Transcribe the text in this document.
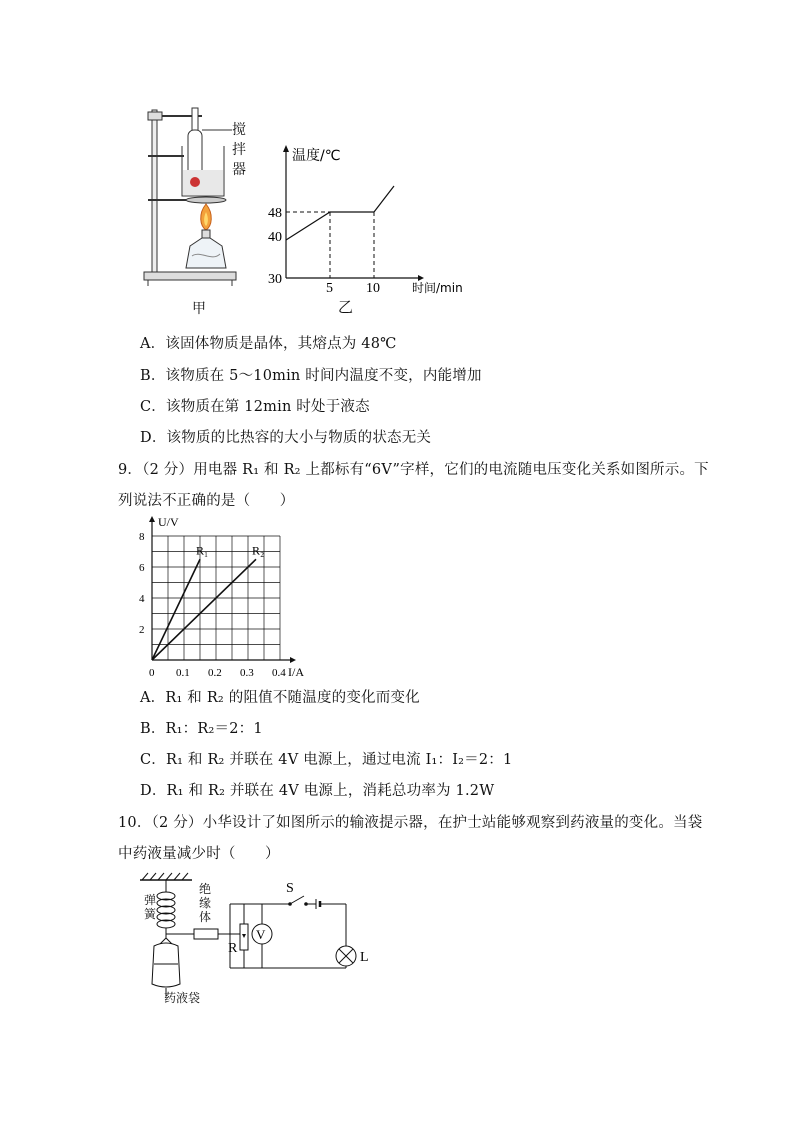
搅
拌
器
甲
温度/℃
时间/min
30
40
48
5 10
乙
A．该固体物质是晶体，其熔点为 48℃
B．该物质在 5～10min 时间内温度不变，内能增加
C．该物质在第 12min 时处于液态
D．该物质的比热容的大小与物质的状态无关
9．（2 分）用电器 R₁ 和 R₂ 上都标有“6V”字样，它们的电流随电压变化关系如图所示。下
列说法不正确的是（　　）
0 0.1 0.2 0.3 0.4
2
4
6
8
I/A
U/V
R₁	R₂
A．R₁ 和 R₂ 的阻值不随温度的变化而变化
B．R₁：R₂＝2：1
C．R₁ 和 R₂ 并联在 4V 电源上，通过电流 I₁：I₂＝2：1
D．R₁ 和 R₂ 并联在 4V 电源上，消耗总功率为 1.2W
10．（2 分）小华设计了如图所示的输液提示器，在护士站能够观察到药液量的变化。当袋
中药液量减少时（　　）
V
R
S
L
弹
簧
绝
缘
体
药液袋
